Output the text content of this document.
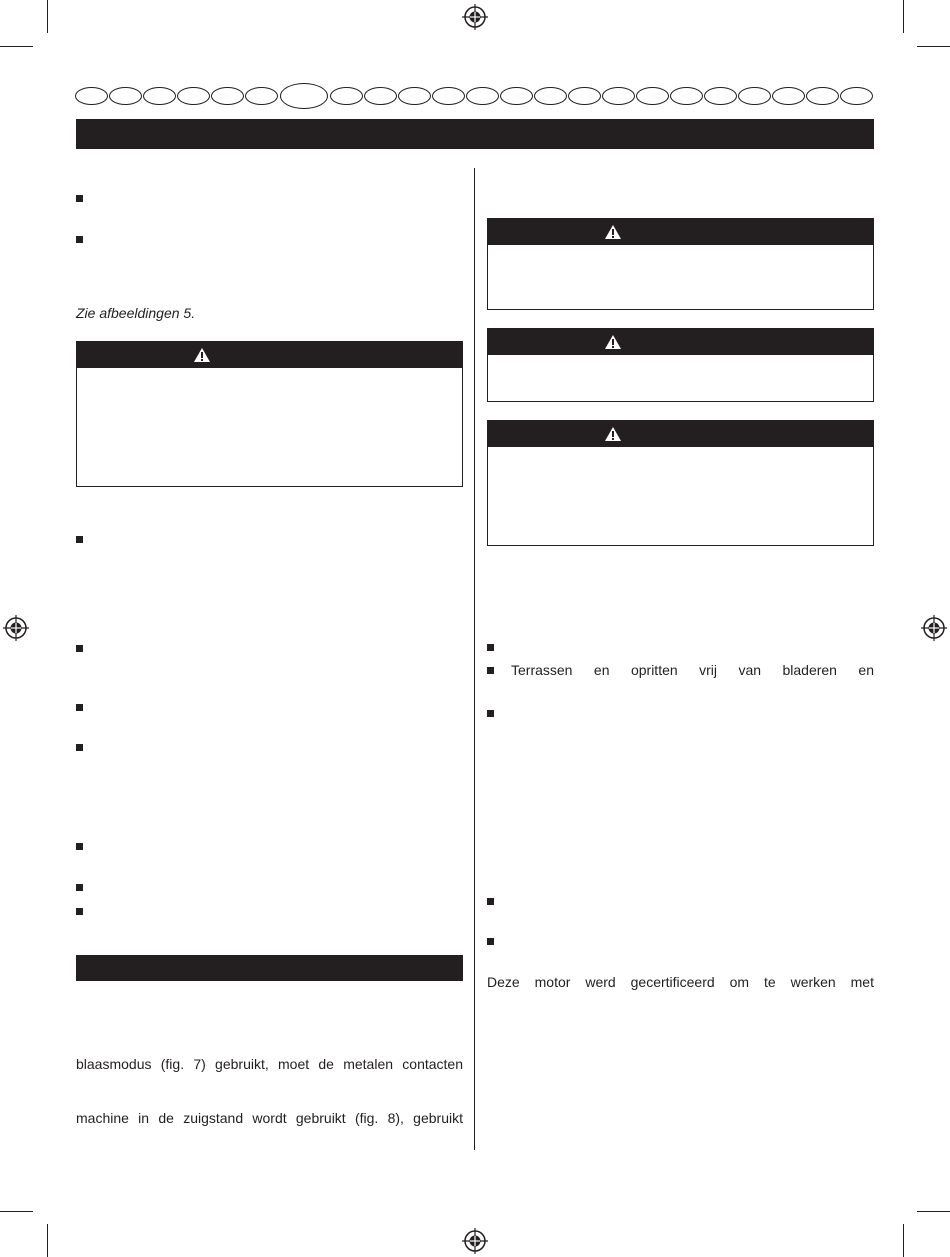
Zie afbeeldingen 5.
blaasmodus (fig. 7) gebruikt, moet de metalen contacten
machine in de zuigstand wordt gebruikt (fig. 8), gebruikt
Terrassen en opritten vrij van bladeren en
Deze motor werd gecertificeerd om te werken met
